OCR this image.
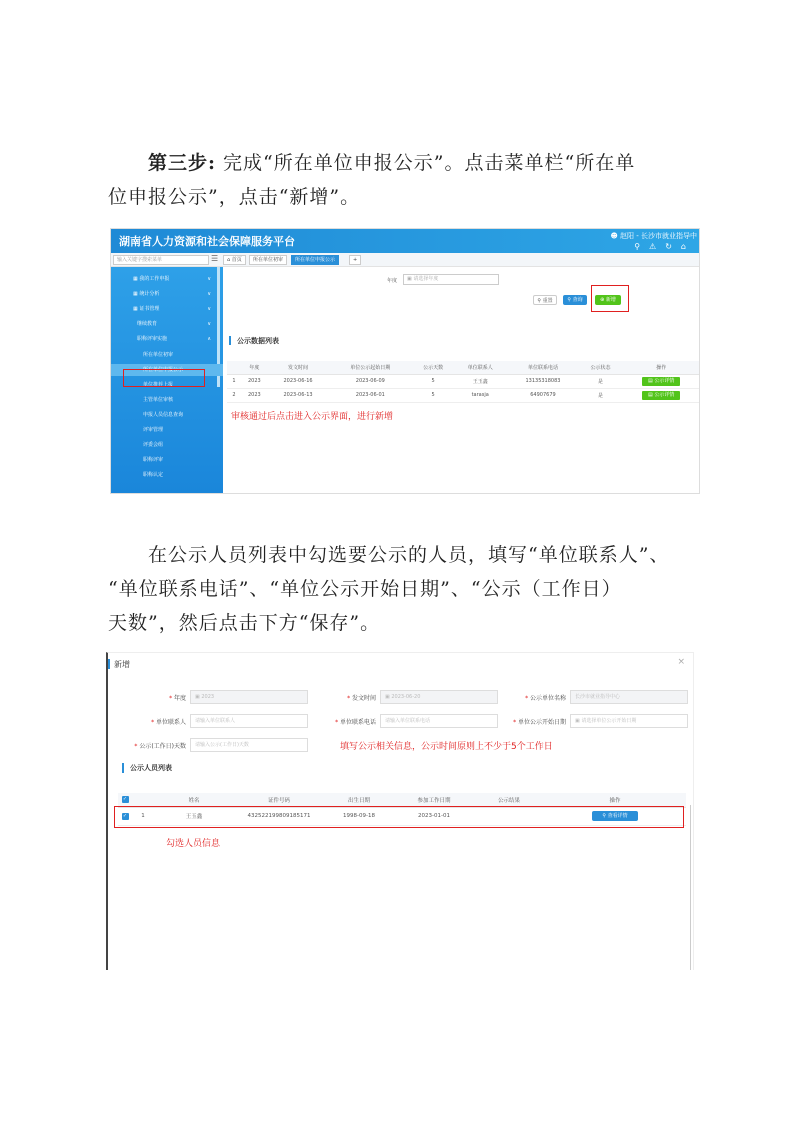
第三步: 完成“所在单位申报公示”。点击菜单栏“所在单
位申报公示”，点击“新增”。
湖南省人力资源和社会保障服务平台	☻ 赵阳 - 长沙市就业指导中
⚲⚠↻⌂
输入关键字搜索菜单	☰	⌂ 首页	所在单位初审	所在单位申报公示	+
▦ 我的工作申报	∨
▦ 统计分析	∨
▦ 证书管理	∨
继续教育	∨
职称评审实施	∧
所在单位初审
所在单位申报公示
单位推荐上报
主管单位审核
申报人员信息查询
评审管理
评委会组
职称评审
职称认定
年度	▣ 请选择年度
⚲ 重置	⚲ 查询	⊕ 新增
公示数据列表
	年度	发文时间	单位公示起始日期	公示天数	单位联系人	单位联系电话	公示状态	操作
1	2023	2023-06-16	2023-06-09	5	王玉鑫	13135318083	是	▤ 公示详情
2	2023	2023-06-13	2023-06-01	5	tarasja	64907679	是	▤ 公示详情
审核通过后点击进入公示界面，进行新增
在公示人员列表中勾选要公示的人员，填写“单位联系人”、
“单位联系电话”、“单位公示开始日期”、“公示（工作日）
天数”，然后点击下方“保存”。
新增	×
* 年度	▣ 2023	* 发文时间	▣ 2023-06-20	* 公示单位名称	长沙市就业指导中心
* 单位联系人	请输入单位联系人	* 单位联系电话	请输入单位联系电话	* 单位公示开始日期	▣ 请选择单位公示开始日期
* 公示(工作日)天数	请输入公示(工作日)天数	填写公示相关信息，公示时间原则上不少于5个工作日
公示人员列表
✓		姓名	证件号码	出生日期	参加工作日期	公示结果	操作
✓	1	王玉鑫	432522199809185171	1998-09-18	2023-01-01		⚲ 查看详情
勾选人员信息
